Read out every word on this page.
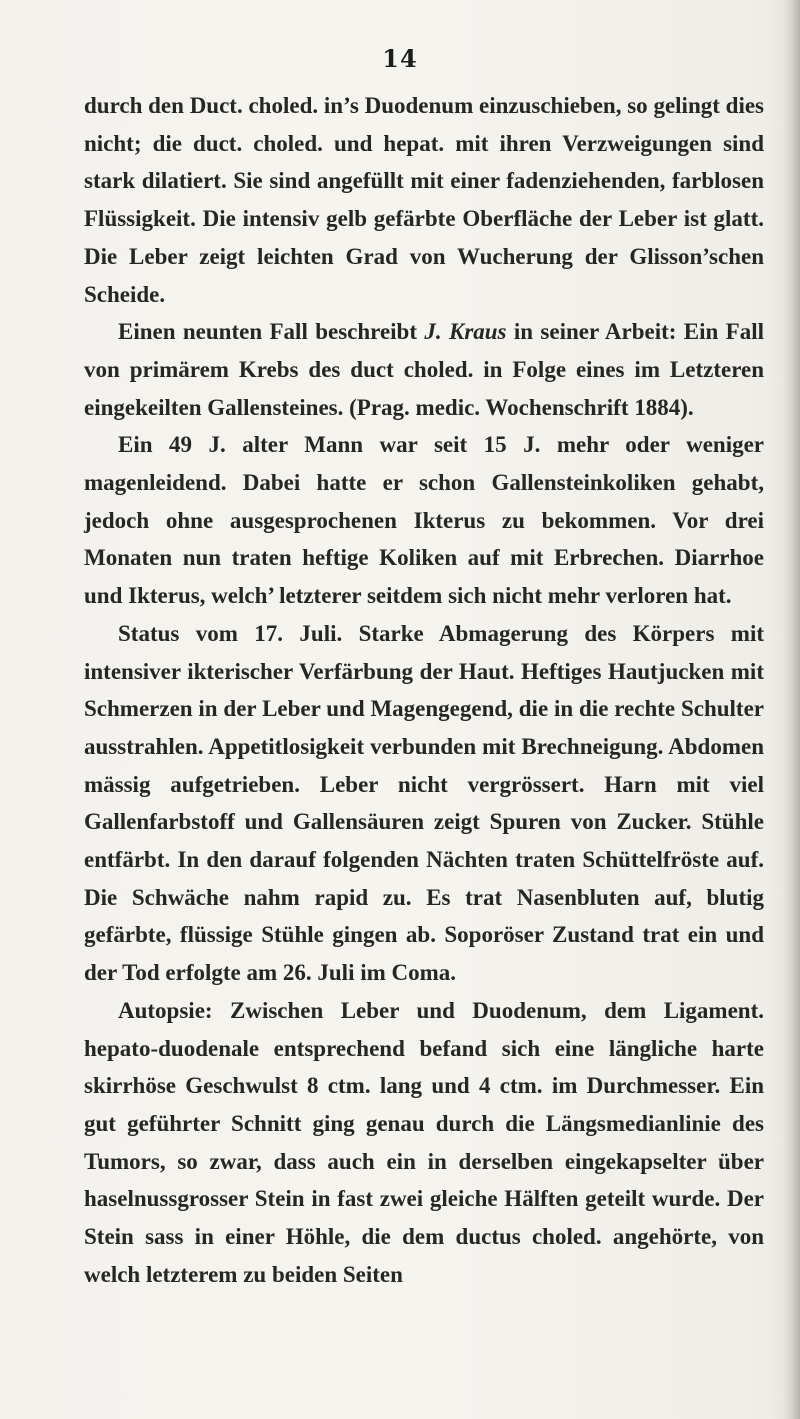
14

durch den Duct. choled. in’s Duodenum einzuschieben, so gelingt dies nicht; die duct. choled. und hepat. mit ihren Verzweigungen sind stark dilatiert. Sie sind angefüllt mit einer fadenziehenden, farblosen Flüssigkeit. Die intensiv gelb gefärbte Oberfläche der Leber ist glatt. Die Leber zeigt leichten Grad von Wucherung der Glisson’schen Scheide.

Einen neunten Fall beschreibt J. Kraus in seiner Arbeit: Ein Fall von primärem Krebs des duct choled. in Folge eines im Letzteren eingekeilten Gallensteines. (Prag. medic. Wochenschrift 1884).

Ein 49 J. alter Mann war seit 15 J. mehr oder weniger magenleidend. Dabei hatte er schon Gallensteinkoliken gehabt, jedoch ohne ausgesprochenen Ikterus zu bekommen. Vor drei Monaten nun traten heftige Koliken auf mit Erbrechen. Diarrhoe und Ikterus, welch’ letzterer seitdem sich nicht mehr verloren hat.

Status vom 17. Juli. Starke Abmagerung des Körpers mit intensiver ikterischer Verfärbung der Haut. Heftiges Hautjucken mit Schmerzen in der Leber und Magengegend, die in die rechte Schulter ausstrahlen. Appetitlosigkeit verbunden mit Brechneigung. Abdomen mässig aufgetrieben. Leber nicht vergrössert. Harn mit viel Gallenfarbstoff und Gallensäuren zeigt Spuren von Zucker. Stühle entfärbt. In den darauf folgenden Nächten traten Schüttelfröste auf. Die Schwäche nahm rapid zu. Es trat Nasenbluten auf, blutig gefärbte, flüssige Stühle gingen ab. Soporöser Zustand trat ein und der Tod erfolgte am 26. Juli im Coma.

Autopsie: Zwischen Leber und Duodenum, dem Ligament. hepato-duodenale entsprechend befand sich eine längliche harte skirrhöse Geschwulst 8 ctm. lang und 4 ctm. im Durchmesser. Ein gut geführter Schnitt ging genau durch die Längsmedianlinie des Tumors, so zwar, dass auch ein in derselben eingekapselter über haselnussgrosser Stein in fast zwei gleiche Hälften geteilt wurde. Der Stein sass in einer Höhle, die dem ductus choled. angehörte, von welch letzterem zu beiden Seiten
